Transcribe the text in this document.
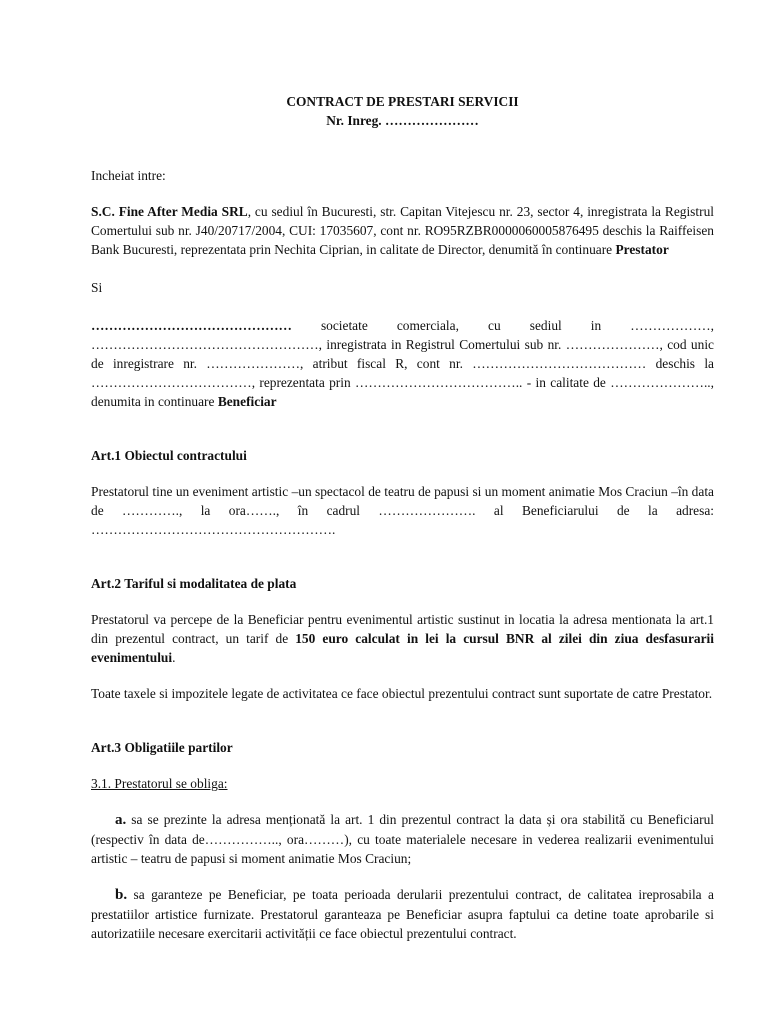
CONTRACT DE PRESTARI SERVICII

Nr. Inreg. …………………

Incheiat intre:

S.C. Fine After Media SRL, cu sediul în Bucuresti, str. Capitan Vitejescu nr. 23, sector 4, inregistrata la Registrul Comertului sub nr. J40/20717/2004, CUI: 17035607, cont nr. RO95RZBR0000060005876495 deschis la Raiffeisen Bank Bucuresti, reprezentata prin Nechita Ciprian, in calitate de Director, denumită în continuare Prestator

Si

……………………………………… societate comerciala, cu sediul in ………………, ……………………………………………, inregistrata in Registrul Comertului sub nr. …………………, cod unic de inregistrare nr. …………………, atribut fiscal R, cont nr. ………………………………… deschis la ………………………………, reprezentata prin ……………………………….. - in calitate de ………………….., denumita in continuare Beneficiar

Art.1 Obiectul contractului

Prestatorul tine un eveniment artistic –un spectacol de teatru de papusi si un moment animatie Mos Craciun –în data de …………., la ora……., în cadrul …………………. al Beneficiarului de la adresa: ……………………………………………….

Art.2 Tariful si modalitatea de plata

Prestatorul va percepe de la Beneficiar pentru evenimentul artistic sustinut in locatia la adresa mentionata la art.1 din prezentul contract, un tarif de 150 euro calculat in lei la cursul BNR al zilei din ziua desfasurarii evenimentului.

Toate taxele si impozitele legate de activitatea ce face obiectul prezentului contract sunt suportate de catre Prestator.

Art.3 Obligatiile partilor

3.1. Prestatorul se obliga:

a. sa se prezinte la adresa menționată la art. 1 din prezentul contract la data și ora stabilită cu Beneficiarul (respectiv în data de…………….., ora………), cu toate materialele necesare in vederea realizarii evenimentului artistic – teatru de papusi si moment animatie Mos Craciun;

b. sa garanteze pe Beneficiar, pe toata perioada derularii prezentului contract, de calitatea ireprosabila a prestatiilor artistice furnizate. Prestatorul garanteaza pe Beneficiar asupra faptului ca detine toate aprobarile si autorizatiile necesare exercitarii activității ce face obiectul prezentului contract.
